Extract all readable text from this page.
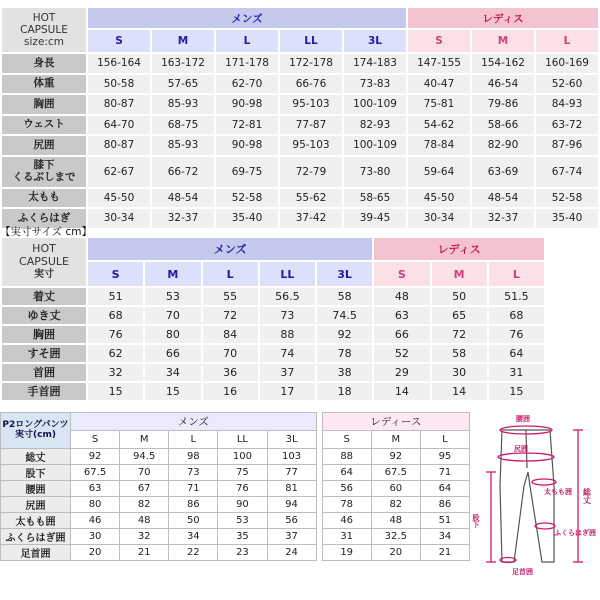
HOT
CAPSULE
size:cm	メンズ					レディス		
	S	M	L	LL	3L	S	M	L
身長	156-164	163-172	171-178	172-178	174-183	147-155	154-162	160-169
体重	50-58	57-65	62-70	66-76	73-83	40-47	46-54	52-60
胸囲	80-87	85-93	90-98	95-103	100-109	75-81	79-86	84-93
ウェスト	64-70	68-75	72-81	77-87	82-93	54-62	58-66	63-72
尻囲	80-87	85-93	90-98	95-103	100-109	78-84	82-90	87-96
膝下
くるぶしまで	62-67	66-72	69-75	72-79	73-80	59-64	63-69	67-74
太もも	45-50	48-54	52-58	55-62	58-65	45-50	48-54	52-58
ふくらはぎ	30-34	32-37	35-40	37-42	39-45	30-34	32-37	35-40
【実寸サイズ cm】
HOT
CAPSULE
実寸	メンズ					レディス		
	S	M	L	LL	3L	S	M	L
着丈	51	53	55	56.5	58	48	50	51.5
ゆき丈	68	70	72	73	74.5	63	65	68
胸囲	76	80	84	88	92	66	72	76
すそ囲	62	66	70	74	78	52	58	64
首囲	32	34	36	37	38	29	30	31
手首囲	15	15	16	17	18	14	14	15
P2ロングパンツ
実寸(cm)	メンズ						レディース		
	S	M	L	LL	3L		S	M	L
総丈	92	94.5	98	100	103		88	92	95
股下	67.5	70	73	75	77		64	67.5	71
腰囲	63	67	71	76	81		56	60	64
尻囲	80	82	86	90	94		78	82	86
太もも囲	46	48	50	53	56		46	48	51
ふくらはぎ囲	30	32	34	35	37		31	32.5	34
足首囲	20	21	22	23	24		19	20	21
腰囲
尻囲
太もも囲
ふくらはぎ囲
足首囲
総丈
股下
